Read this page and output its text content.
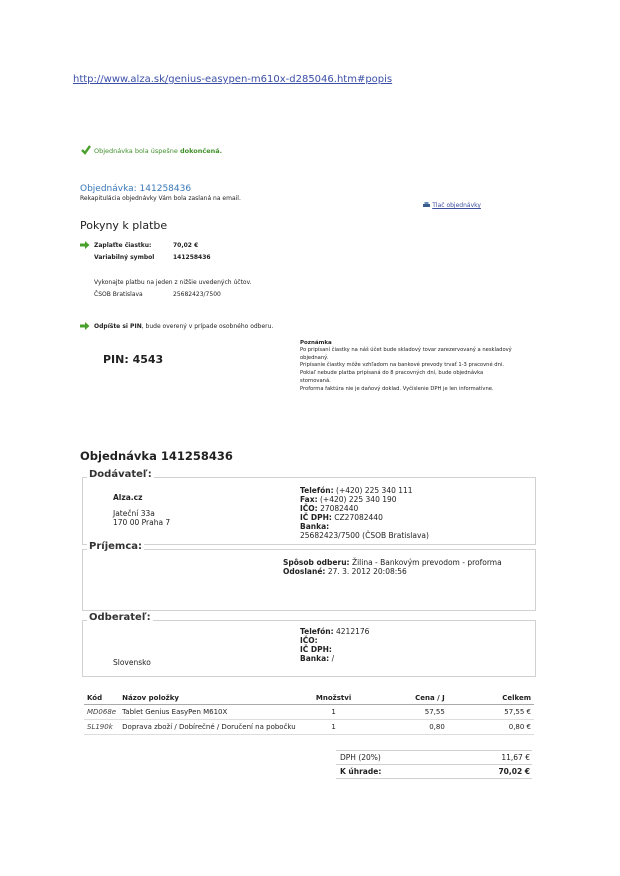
http://www.alza.sk/genius-easypen-m610x-d285046.htm#popis
Objednávka bola úspešne dokončená.
Objednávka: 141258436
Rekapitulácia objednávky Vám bola zaslaná na email.
Tlač objednávky
Pokyny k platbe
Zaplaťte čiastku:	70,02 €
Variabilný symbol	141258436
Vykonajte platbu na jeden z nižšie uvedených účtov.
ČSOB Bratislava	25682423/7500
Odpíšte si PIN, bude overený v prípade osobného odberu.
PIN: 4543
Poznámka
Po pripísaní čiastky na náš účet bude skladový tovar zarezervovaný a neskladový
objednaný.
Pripísanie čiastky môže vzhľadom na bankové prevody trvať 1-3 pracovné dni.
Pokiaľ nebude platba pripísaná do 8 pracovných dní, bude objednávka
stornovaná.
Proforma faktúra nie je daňový doklad. Vyčíslenie DPH je len informatívne.
Objednávka 141258436
Dodávateľ:
Alza.cz
Jateční 33a
170 00 Praha 7
Telefón: (+420) 225 340 111
Fax: (+420) 225 340 190
IČO: 27082440
IČ DPH: CZ27082440
Banka:
25682423/7500 (ČSOB Bratislava)
Príjemca:
Spôsob odberu: Žilina - Bankovým prevodom - proforma
Odoslané: 27. 3. 2012 20:08:56
Odberateľ:
Telefón: 4212176
IČO:
IČ DPH:
Banka: /
Slovensko
Kód	Názov položky	Množstvi	Cena / J	Celkem
MD068e	Tablet Genius EasyPen M610X	1	57,55	57,55 €
SL190k	Doprava zboží / Dobírečné / Doručení na pobočku	1	0,80	0,80 €
DPH (20%)	11,67 €
K úhrade:	70,02 €
